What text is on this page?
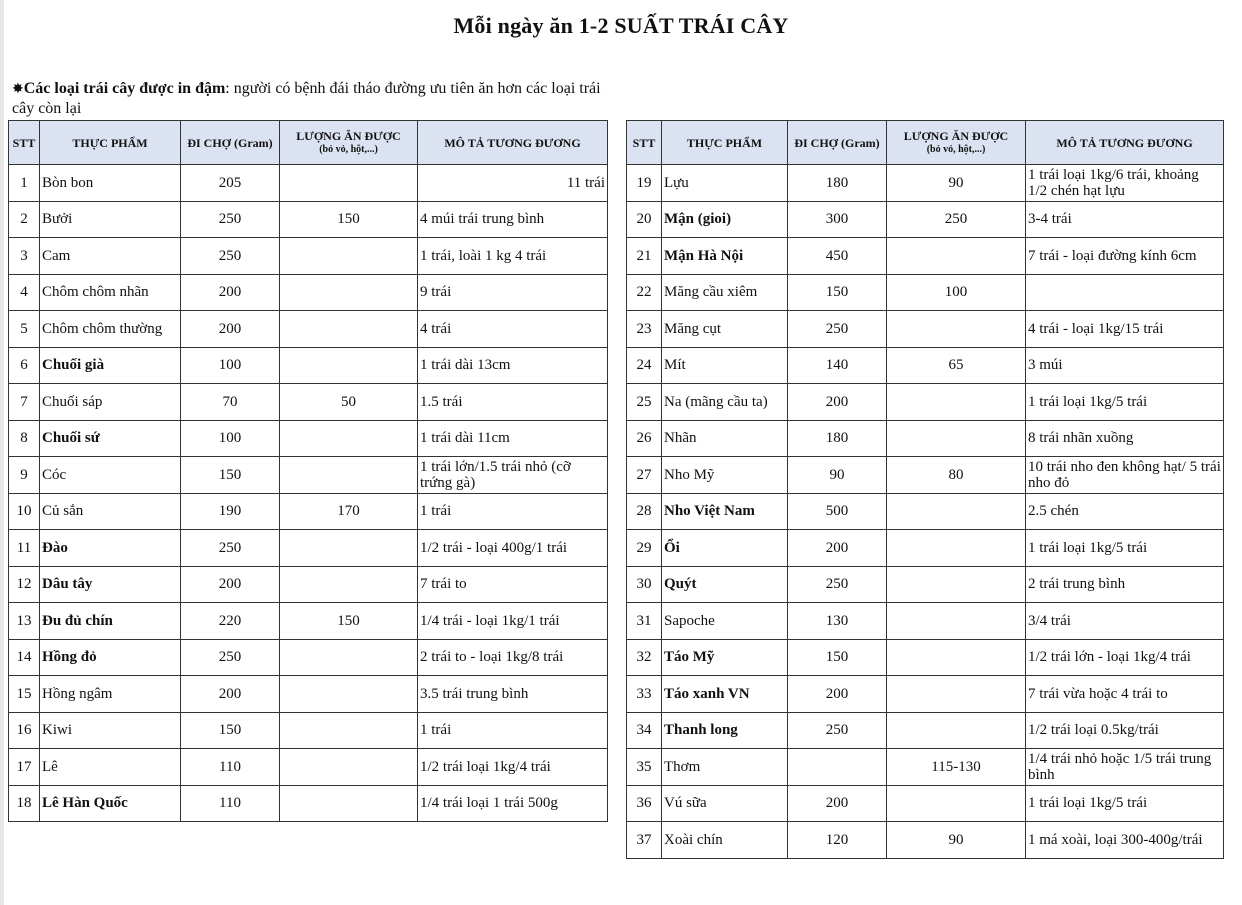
Mỗi ngày ăn 1-2 SUẤT TRÁI CÂY
✸Các loại trái cây được in đậm: người có bệnh đái tháo đường ưu tiên ăn hơn các loại trái cây còn lại
STT	THỰC PHẨM	ĐI CHỢ (Gram)	LƯỢNG ĂN ĐƯỢC
(bỏ vỏ, hột,...)	MÔ TẢ TƯƠNG ĐƯƠNG
1	Bòn bon	205		11 trái
2	Bưởi	250	150	4 múi trái trung bình
3	Cam	250		1 trái, loài 1 kg 4 trái
4	Chôm chôm nhãn	200		9 trái
5	Chôm chôm thường	200		4 trái
6	Chuối già	100		1 trái dài 13cm
7	Chuối sáp	70	50	1.5 trái
8	Chuối sứ	100		1 trái dài 11cm
9	Cóc	150		1 trái lớn/1.5 trái nhỏ (cỡ trứng gà)
10	Củ sắn	190	170	1 trái
11	Đào	250		1/2 trái - loại 400g/1 trái
12	Dâu tây	200		7 trái to
13	Đu đủ chín	220	150	1/4 trái - loại 1kg/1 trái
14	Hồng đỏ	250		2 trái to - loại 1kg/8 trái
15	Hồng ngâm	200		3.5 trái trung bình
16	Kiwi	150		1 trái
17	Lê	110		1/2 trái loại 1kg/4 trái
18	Lê Hàn Quốc	110		1/4 trái loại 1 trái 500g
STT	THỰC PHẨM	ĐI CHỢ (Gram)	LƯỢNG ĂN ĐƯỢC
(bỏ vỏ, hột,...)	MÔ TẢ TƯƠNG ĐƯƠNG
19	Lựu	180	90	1 trái loại 1kg/6 trái, khoảng 1/2 chén hạt lựu
20	Mận (gioi)	300	250	3-4 trái
21	Mận Hà Nội	450		7 trái - loại đường kính 6cm
22	Măng cầu xiêm	150	100	
23	Măng cụt	250		4 trái - loại 1kg/15 trái
24	Mít	140	65	3 múi
25	Na (mãng cầu ta)	200		1 trái loại 1kg/5 trái
26	Nhãn	180		8 trái nhãn xuồng
27	Nho Mỹ	90	80	10 trái nho đen không hạt/ 5 trái nho đỏ
28	Nho Việt Nam	500		2.5 chén
29	Ổi	200		1 trái loại 1kg/5 trái
30	Quýt	250		2 trái trung bình
31	Sapoche	130		3/4 trái
32	Táo Mỹ	150		1/2 trái lớn - loại 1kg/4 trái
33	Táo xanh VN	200		7 trái vừa hoặc 4 trái to
34	Thanh long	250		1/2 trái loại 0.5kg/trái
35	Thơm		115-130	1/4 trái nhỏ hoặc 1/5 trái trung bình
36	Vú sữa	200		1 trái loại 1kg/5 trái
37	Xoài chín	120	90	1 má xoài, loại 300-400g/trái
